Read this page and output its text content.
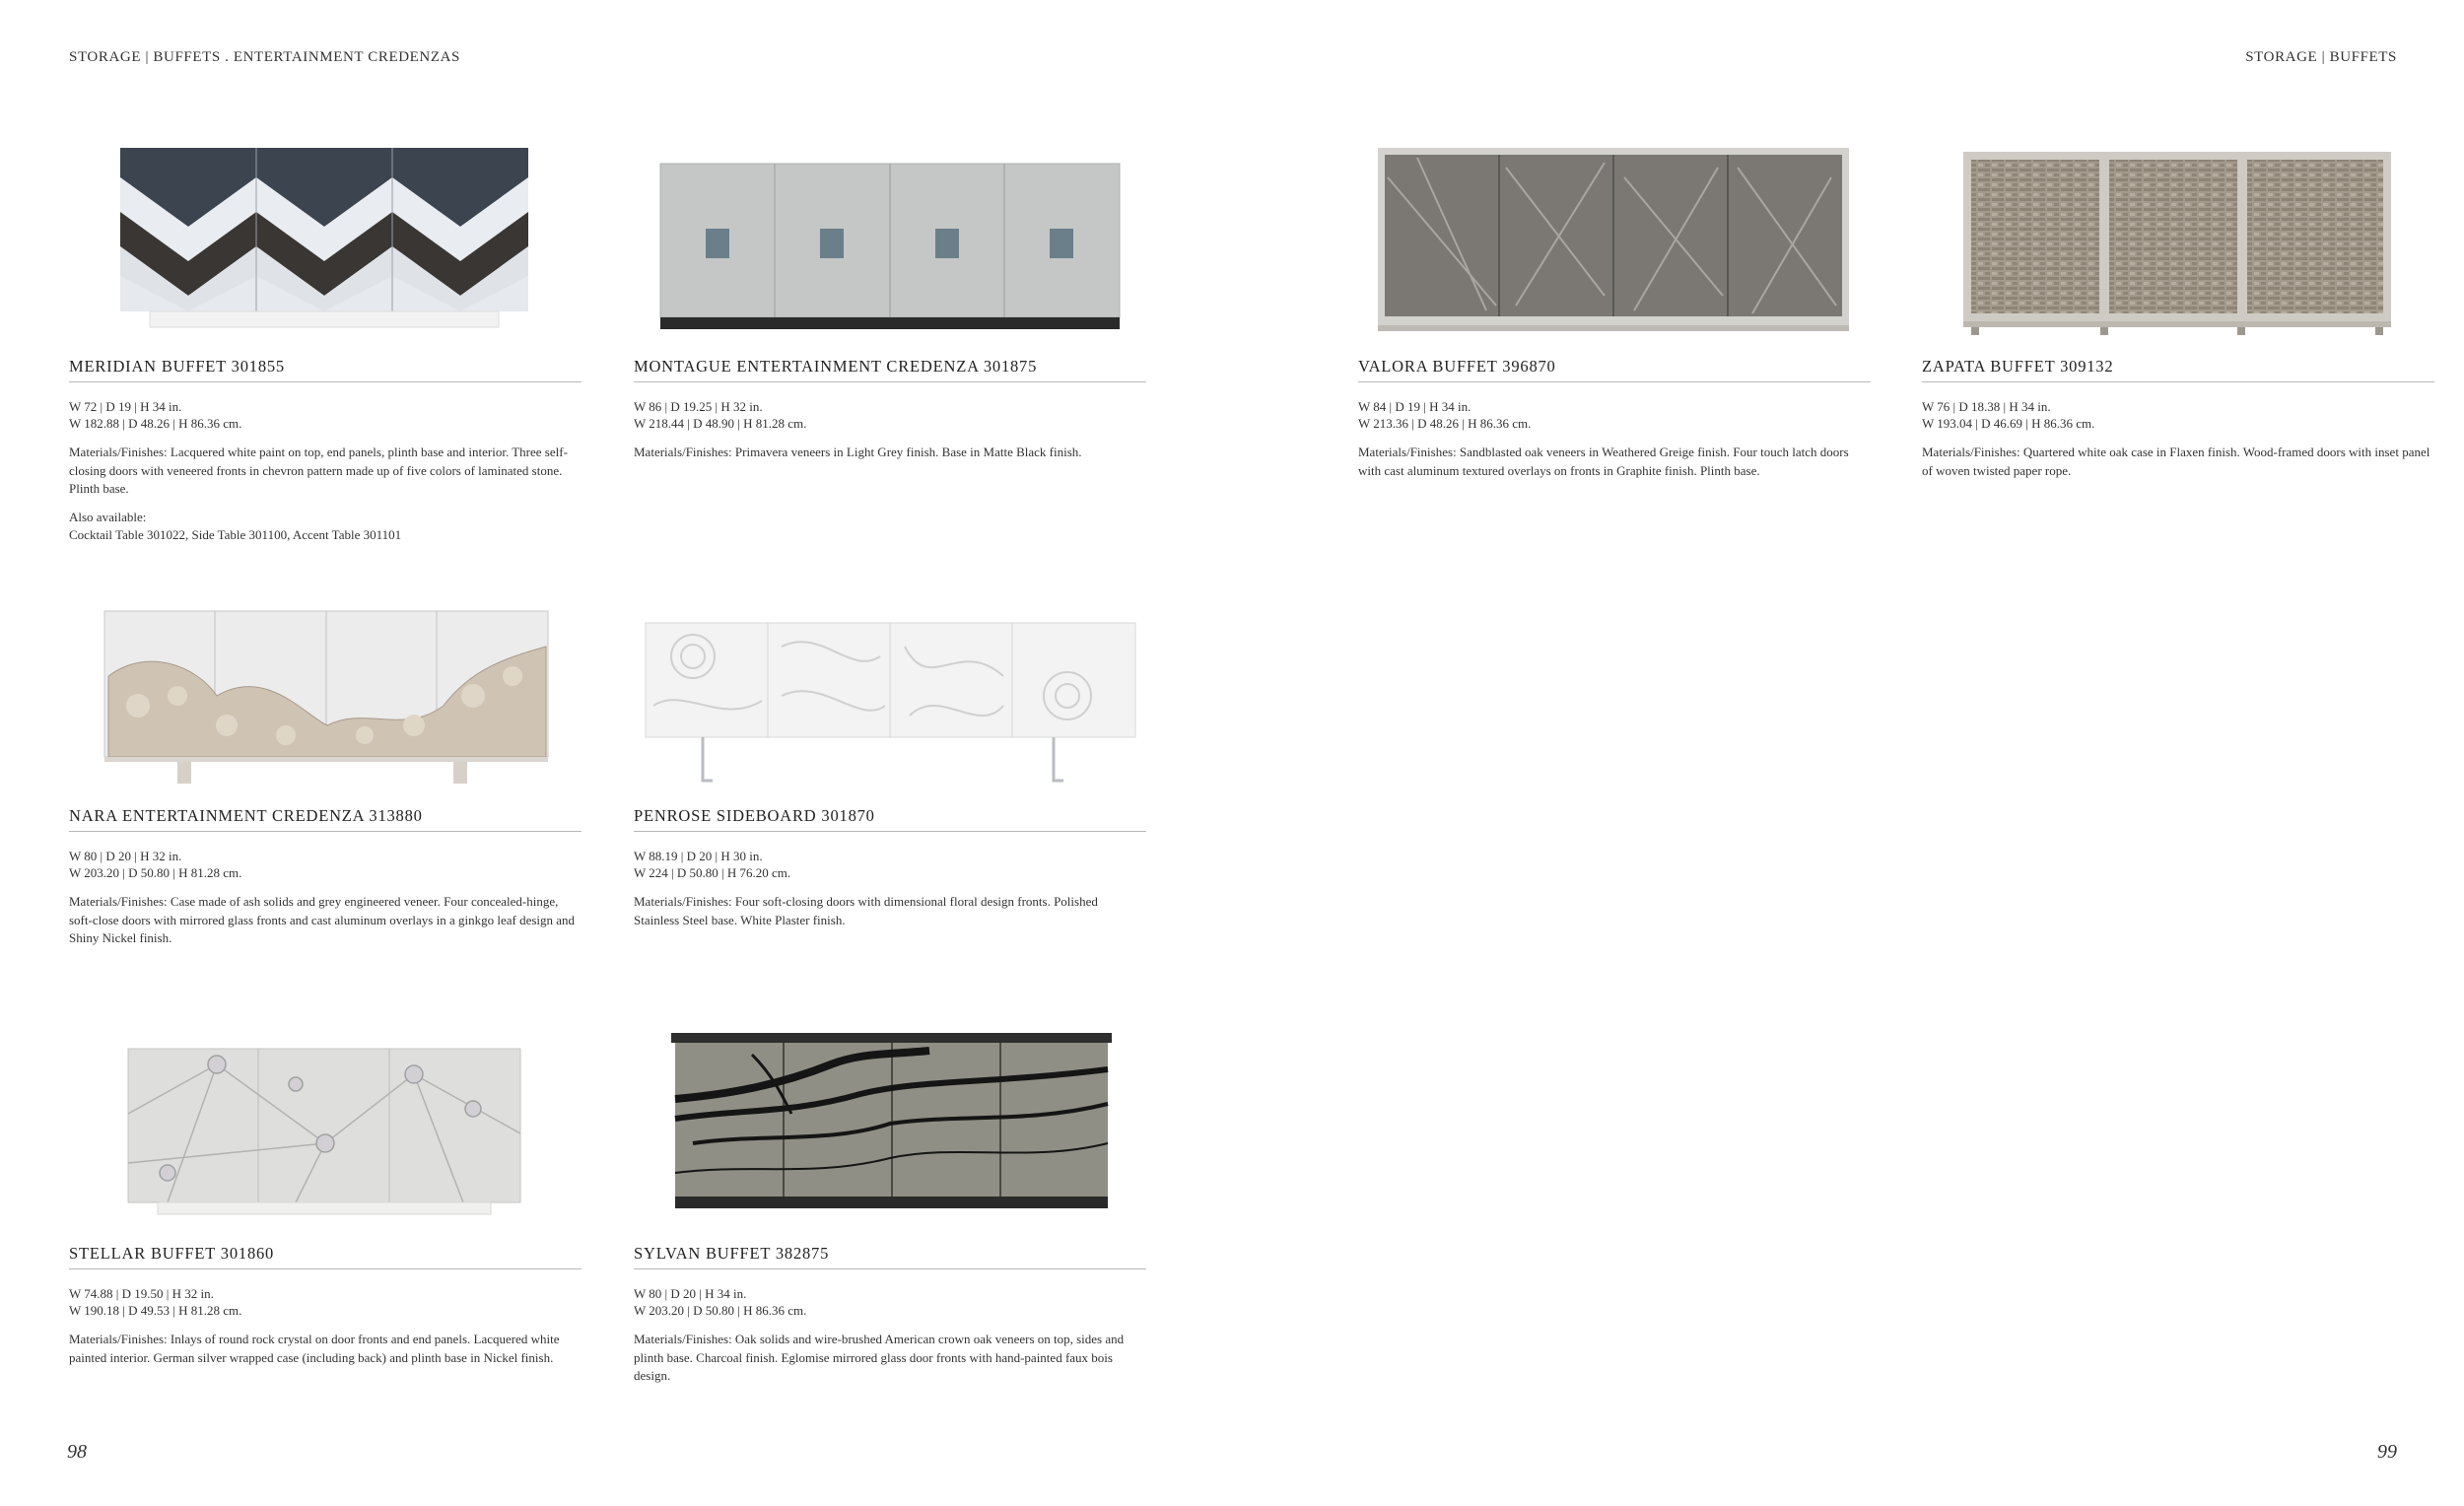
STORAGE | BUFFETS . ENTERTAINMENT CREDENZAS	STORAGE | BUFFETS
MERIDIAN BUFFET 301855
W 72 | D 19 | H 34 in.
W 182.88 | D 48.26 | H 86.36 cm.
Materials/Finishes: Lacquered white paint on top, end panels, plinth base and interior. Three self-closing doors with veneered fronts in chevron pattern made up of five colors of laminated stone. Plinth base.
Also available:
Cocktail Table 301022, Side Table 301100, Accent Table 301101
MONTAGUE ENTERTAINMENT CREDENZA 301875
W 86 | D 19.25 | H 32 in.
W 218.44 | D 48.90 | H 81.28 cm.
Materials/Finishes: Primavera veneers in Light Grey finish. Base in Matte Black finish.
VALORA BUFFET 396870
W 84 | D 19 | H 34 in.
W 213.36 | D 48.26 | H 86.36 cm.
Materials/Finishes: Sandblasted oak veneers in Weathered Greige finish. Four touch latch doors with cast aluminum textured overlays on fronts in Graphite finish. Plinth base.
ZAPATA BUFFET 309132
W 76 | D 18.38 | H 34 in.
W 193.04 | D 46.69 | H 86.36 cm.
Materials/Finishes: Quartered white oak case in Flaxen finish. Wood-framed doors with inset panel of woven twisted paper rope.
NARA ENTERTAINMENT CREDENZA 313880
W 80 | D 20 | H 32 in.
W 203.20 | D 50.80 | H 81.28 cm.
Materials/Finishes: Case made of ash solids and grey engineered veneer. Four concealed-hinge, soft-close doors with mirrored glass fronts and cast aluminum overlays in a ginkgo leaf design and Shiny Nickel finish.
PENROSE SIDEBOARD 301870
W 88.19 | D 20 | H 30 in.
W 224 | D 50.80 | H 76.20 cm.
Materials/Finishes: Four soft-closing doors with dimensional floral design fronts. Polished Stainless Steel base. White Plaster finish.
STELLAR BUFFET 301860
W 74.88 | D 19.50 | H 32 in.
W 190.18 | D 49.53 | H 81.28 cm.
Materials/Finishes: Inlays of round rock crystal on door fronts and end panels. Lacquered white painted interior. German silver wrapped case (including back) and plinth base in Nickel finish.
SYLVAN BUFFET 382875
W 80 | D 20 | H 34 in.
W 203.20 | D 50.80 | H 86.36 cm.
Materials/Finishes: Oak solids and wire-brushed American crown oak veneers on top, sides and plinth base. Charcoal finish. Eglomise mirrored glass door fronts with hand-painted faux bois design.
98	99
